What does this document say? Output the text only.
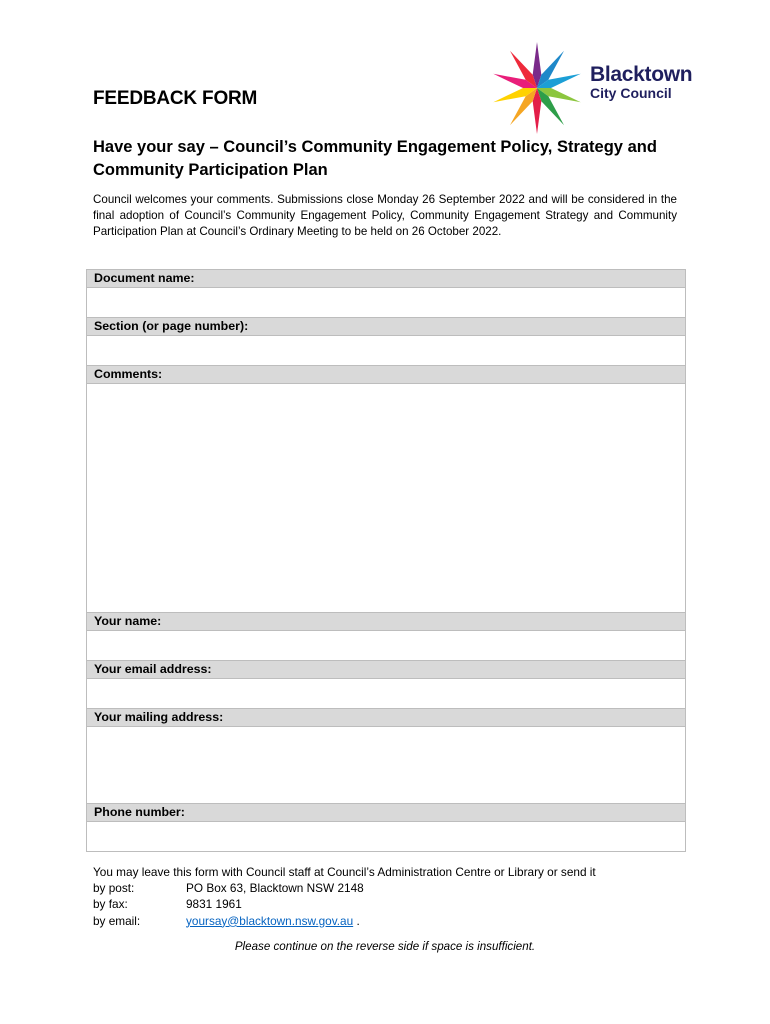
Blacktown
City Council
FEEDBACK FORM
Have your say – Council’s Community Engagement Policy, Strategy and Community Participation Plan
Council welcomes your comments. Submissions close Monday 26 September 2022 and will be considered in the final adoption of Council’s Community Engagement Policy, Community Engagement Strategy and Community Participation Plan at Council’s Ordinary Meeting to be held on 26 October 2022.
Document name:
Section (or page number):
Comments:
Your name:
Your email address:
Your mailing address:
Phone number:
You may leave this form with Council staff at Council’s Administration Centre or Library or send it
by post:	PO Box 63, Blacktown NSW 2148
by fax:	9831 1961
by email:	yoursay@blacktown.nsw.gov.au .
Please continue on the reverse side if space is insufficient.
